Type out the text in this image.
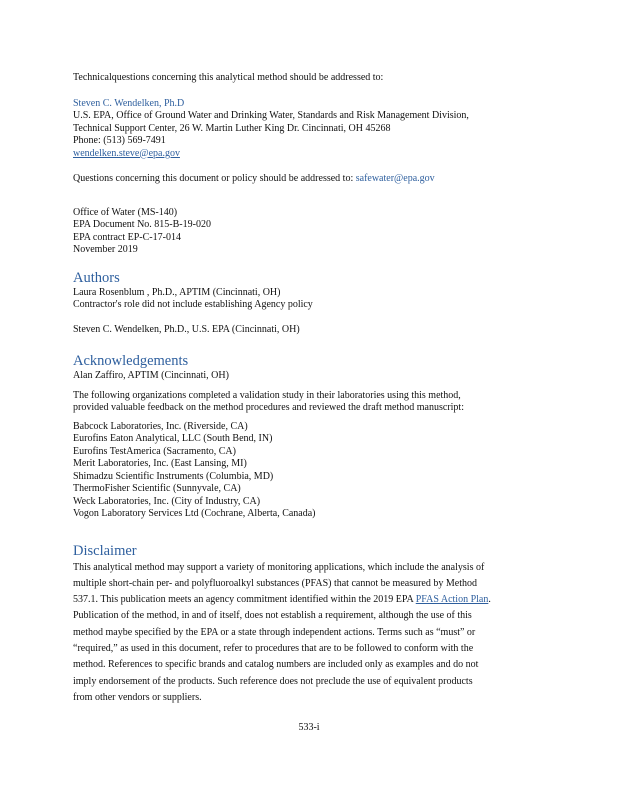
Technicalquestions concerning this analytical method should be addressed to:
Steven C. Wendelken, Ph.D
U.S. EPA, Office of Ground Water and Drinking Water, Standards and Risk Management Division,
Technical Support Center, 26 W. Martin Luther King Dr. Cincinnati, OH 45268
Phone: (513) 569-7491
wendelken.steve@epa.gov
Questions concerning this document or policy should be addressed to: safewater@epa.gov
Office of Water (MS-140)
EPA Document No. 815-B-19-020
EPA contract EP-C-17-014
November 2019
Authors
Laura Rosenblum , Ph.D., APTIM (Cincinnati, OH)
Contractor's role did not include establishing Agency policy
Steven C. Wendelken, Ph.D., U.S. EPA (Cincinnati, OH)
Acknowledgements
Alan Zaffiro, APTIM (Cincinnati, OH)
The following organizations completed a validation study in their laboratories using this method,
provided valuable feedback on the method procedures and reviewed the draft method manuscript:
Babcock Laboratories, Inc. (Riverside, CA)
Eurofins Eaton Analytical, LLC (South Bend, IN)
Eurofins TestAmerica (Sacramento, CA)
Merit Laboratories, Inc. (East Lansing, MI)
Shimadzu Scientific Instruments (Columbia, MD)
ThermoFisher Scientific (Sunnyvale, CA)
Weck Laboratories, Inc. (City of Industry, CA)
Vogon Laboratory Services Ltd (Cochrane, Alberta, Canada)
Disclaimer
This analytical method may support a variety of monitoring applications, which include the analysis of
multiple short-chain per- and polyfluoroalkyl substances (PFAS) that cannot be measured by Method
537.1. This publication meets an agency commitment identified within the 2019 EPA PFAS Action Plan.
Publication of the method, in and of itself, does not establish a requirement, although the use of this
method maybe specified by the EPA or a state through independent actions. Terms such as “must” or
“required,” as used in this document, refer to procedures that are to be followed to conform with the
method. References to specific brands and catalog numbers are included only as examples and do not
imply endorsement of the products. Such reference does not preclude the use of equivalent products
from other vendors or suppliers.
533-i
